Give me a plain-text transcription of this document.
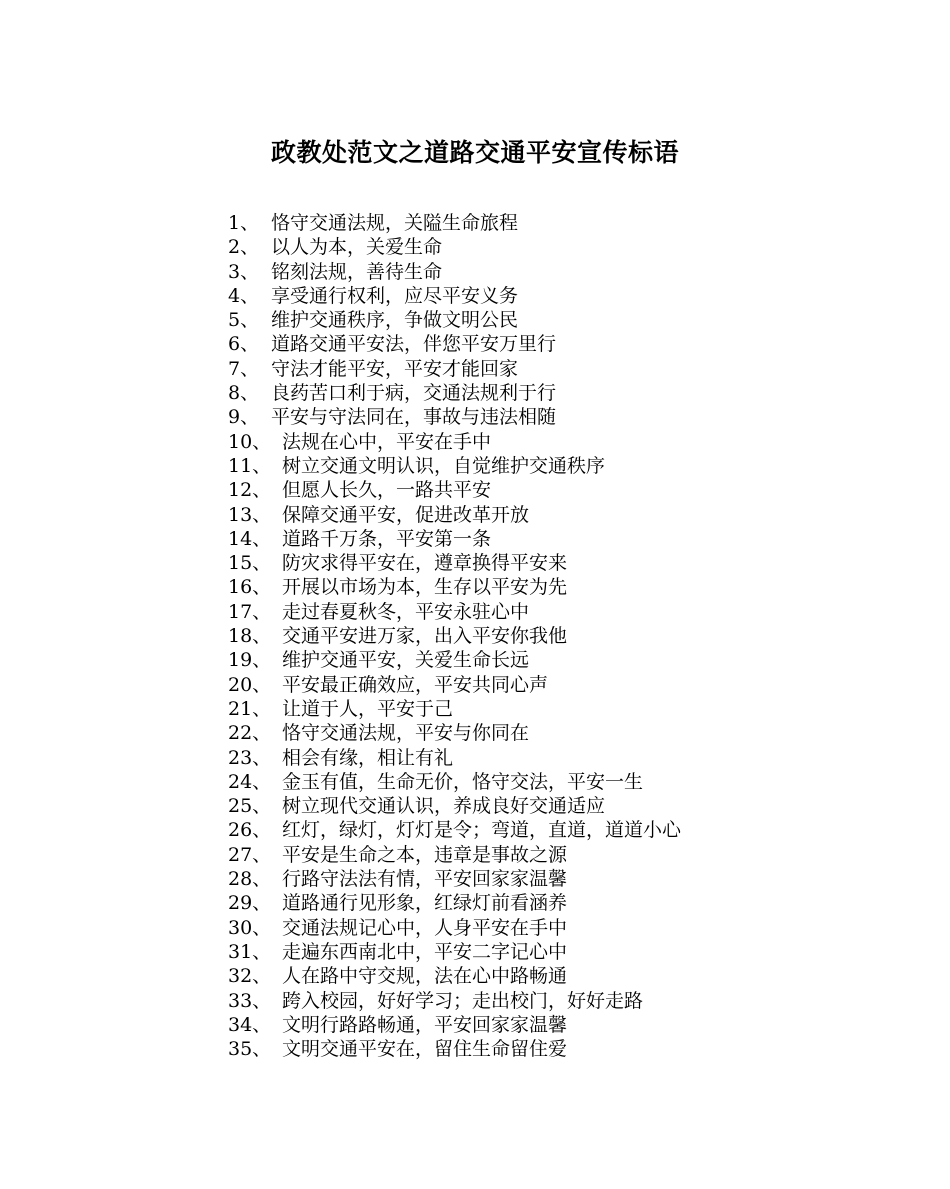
政教处范文之道路交通平安宣传标语
1、 恪守交通法规，关隘生命旅程
2、 以人为本，关爱生命
3、 铭刻法规，善待生命
4、 享受通行权利，应尽平安义务
5、 维护交通秩序，争做文明公民
6、 道路交通平安法，伴您平安万里行
7、 守法才能平安，平安才能回家
8、 良药苦口利于病，交通法规利于行
9、 平安与守法同在，事故与违法相随
10、 法规在心中，平安在手中
11、 树立交通文明认识，自觉维护交通秩序
12、 但愿人长久，一路共平安
13、 保障交通平安，促进改革开放
14、 道路千万条，平安第一条
15、 防灾求得平安在，遵章换得平安来
16、 开展以市场为本，生存以平安为先
17、 走过春夏秋冬，平安永驻心中
18、 交通平安进万家，出入平安你我他
19、 维护交通平安，关爱生命长远
20、 平安最正确效应，平安共同心声
21、 让道于人，平安于己
22、 恪守交通法规，平安与你同在
23、 相会有缘，相让有礼
24、 金玉有值，生命无价，恪守交法，平安一生
25、 树立现代交通认识，养成良好交通适应
26、 红灯，绿灯，灯灯是令；弯道，直道，道道小心
27、 平安是生命之本，违章是事故之源
28、 行路守法法有情，平安回家家温馨
29、 道路通行见形象，红绿灯前看涵养
30、 交通法规记心中，人身平安在手中
31、 走遍东西南北中，平安二字记心中
32、 人在路中守交规，法在心中路畅通
33、 跨入校园，好好学习；走出校门，好好走路
34、 文明行路路畅通，平安回家家温馨
35、 文明交通平安在，留住生命留住爱
